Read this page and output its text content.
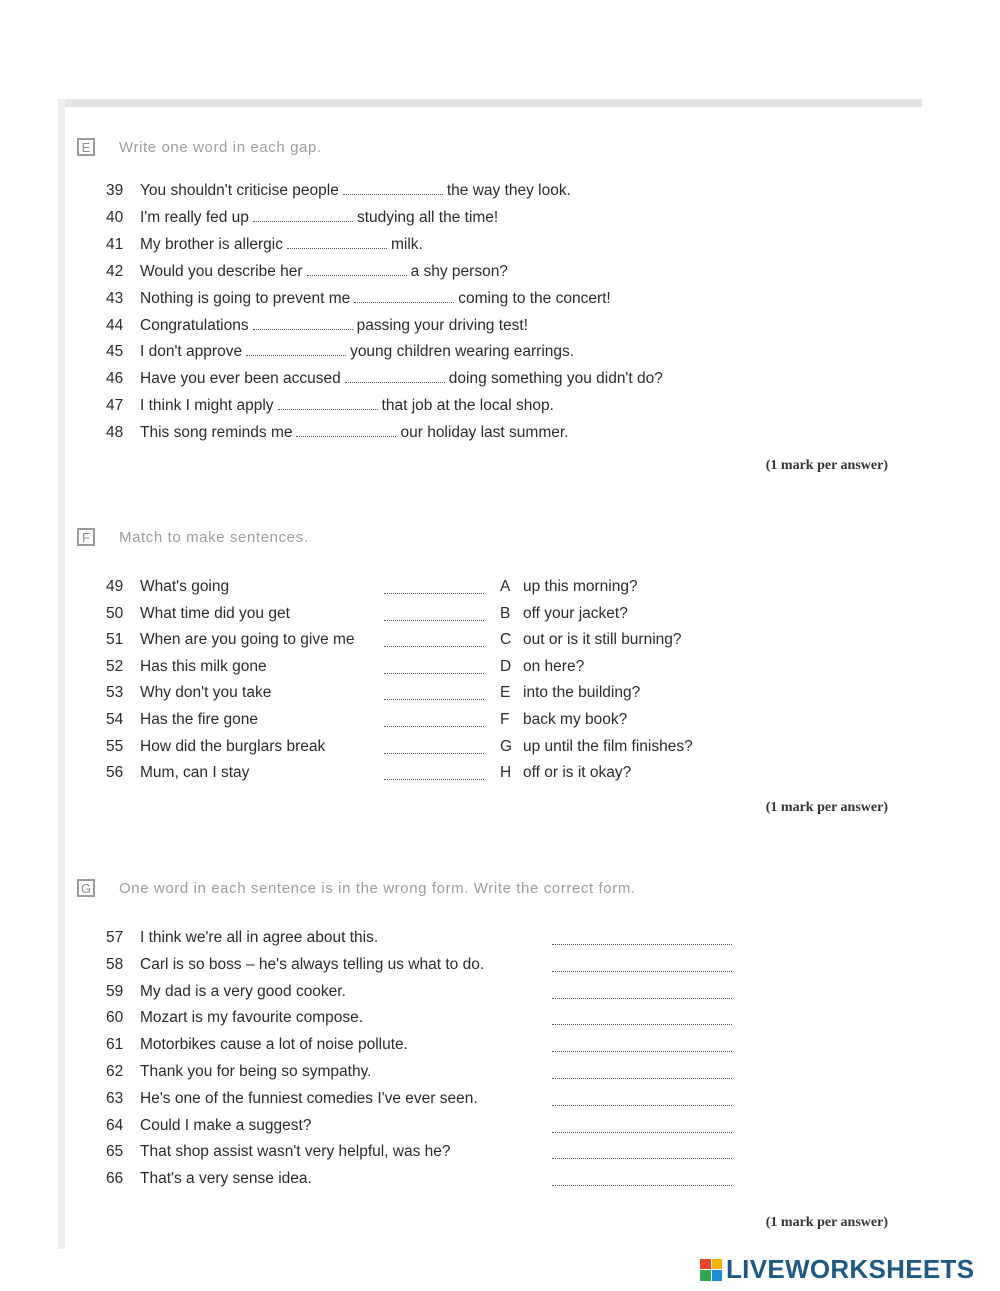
E	Write one word in each gap.
39 You shouldn't criticise people	the way they look.
40 I'm really fed up	studying all the time!
41 My brother is allergic	milk.
42 Would you describe her	a shy person?
43 Nothing is going to prevent me	coming to the concert!
44 Congratulations	passing your driving test!
45 I don't approve	young children wearing earrings.
46 Have you ever been accused	doing something you didn't do?
47 I think I might apply	that job at the local shop.
48 This song reminds me	our holiday last summer.
(1 mark per answer)
F	Match to make sentences.
49 What's going	A up this morning?
50 What time did you get	B off your jacket?
51 When are you going to give me	C out or is it still burning?
52 Has this milk gone	D on here?
53 Why don't you take	E into the building?
54 Has the fire gone	F back my book?
55 How did the burglars break	G up until the film finishes?
56 Mum, can I stay	H off or is it okay?
(1 mark per answer)
G One word in each sentence is in the wrong form. Write the correct form.
57 I think we're all in agree about this.
58 Carl is so boss – he's always telling us what to do.
59 My dad is a very good cooker.
60 Mozart is my favourite compose.
61 Motorbikes cause a lot of noise pollute.
62 Thank you for being so sympathy.
63 He's one of the funniest comedies I've ever seen.
64 Could I make a suggest?
65 That shop assist wasn't very helpful, was he?
66 That's a very sense idea.
(1 mark per answer)
LIVEWORKSHEETS
